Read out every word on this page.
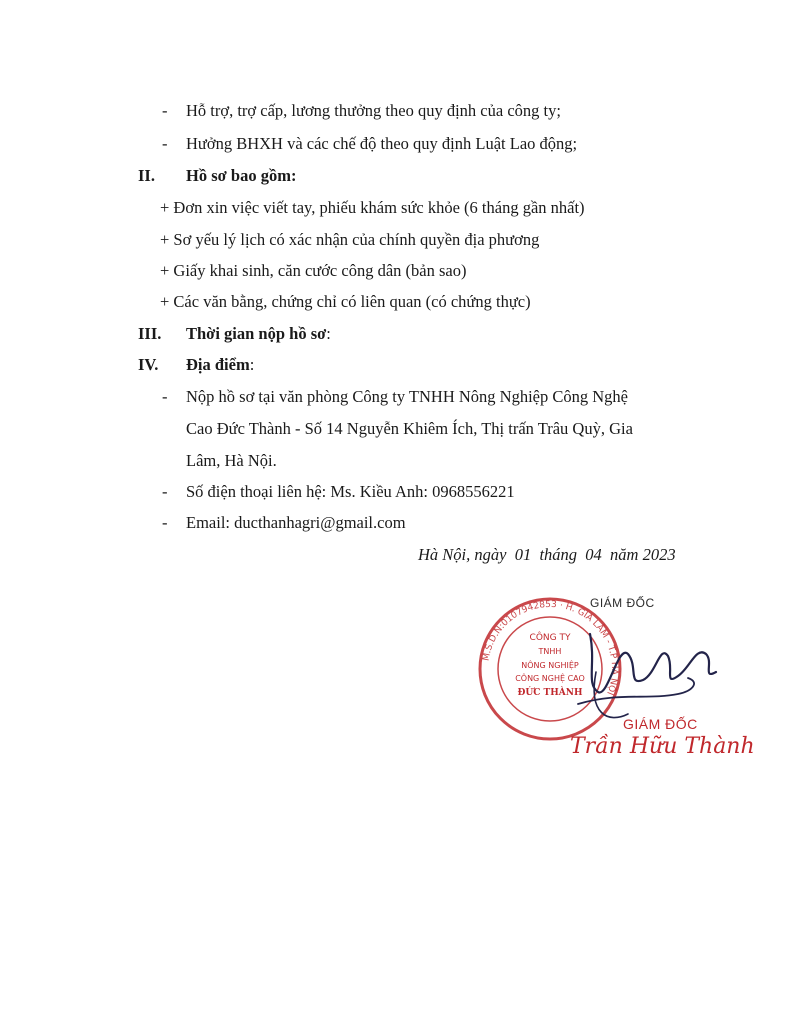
- Hỗ trợ, trợ cấp, lương thưởng theo quy định của công ty;
- Hưởng BHXH và các chế độ theo quy định Luật Lao động;
II. Hồ sơ bao gồm:
+ Đơn xin việc viết tay, phiếu khám sức khỏe (6 tháng gần nhất)
+ Sơ yếu lý lịch có xác nhận của chính quyền địa phương
+ Giấy khai sinh, căn cước công dân (bản sao)
+ Các văn bằng, chứng chỉ có liên quan (có chứng thực)
III. Thời gian nộp hồ sơ:
IV. Địa điểm:
- Nộp hồ sơ tại văn phòng Công ty TNHH Nông Nghiệp Công Nghệ
Cao Đức Thành - Số 14 Nguyễn Khiêm Ích, Thị trấn Trâu Quỳ, Gia
Lâm, Hà Nội.
- Số điện thoại liên hệ: Ms. Kiều Anh: 0968556221
- Email: ducthanhagri@gmail.com
Hà Nội, ngày  01  tháng  04  năm 2023
M.S.D.N:0107942853 · H. GIA LÂM - T.P HÀ NỘI
CÔNG TY
TNHH
NÔNG NGHIỆP
CÔNG NGHỆ CAO
ĐỨC THÀNH
GIÁM ĐỐC
GIÁM ĐỐC
Trần Hữu Thành
